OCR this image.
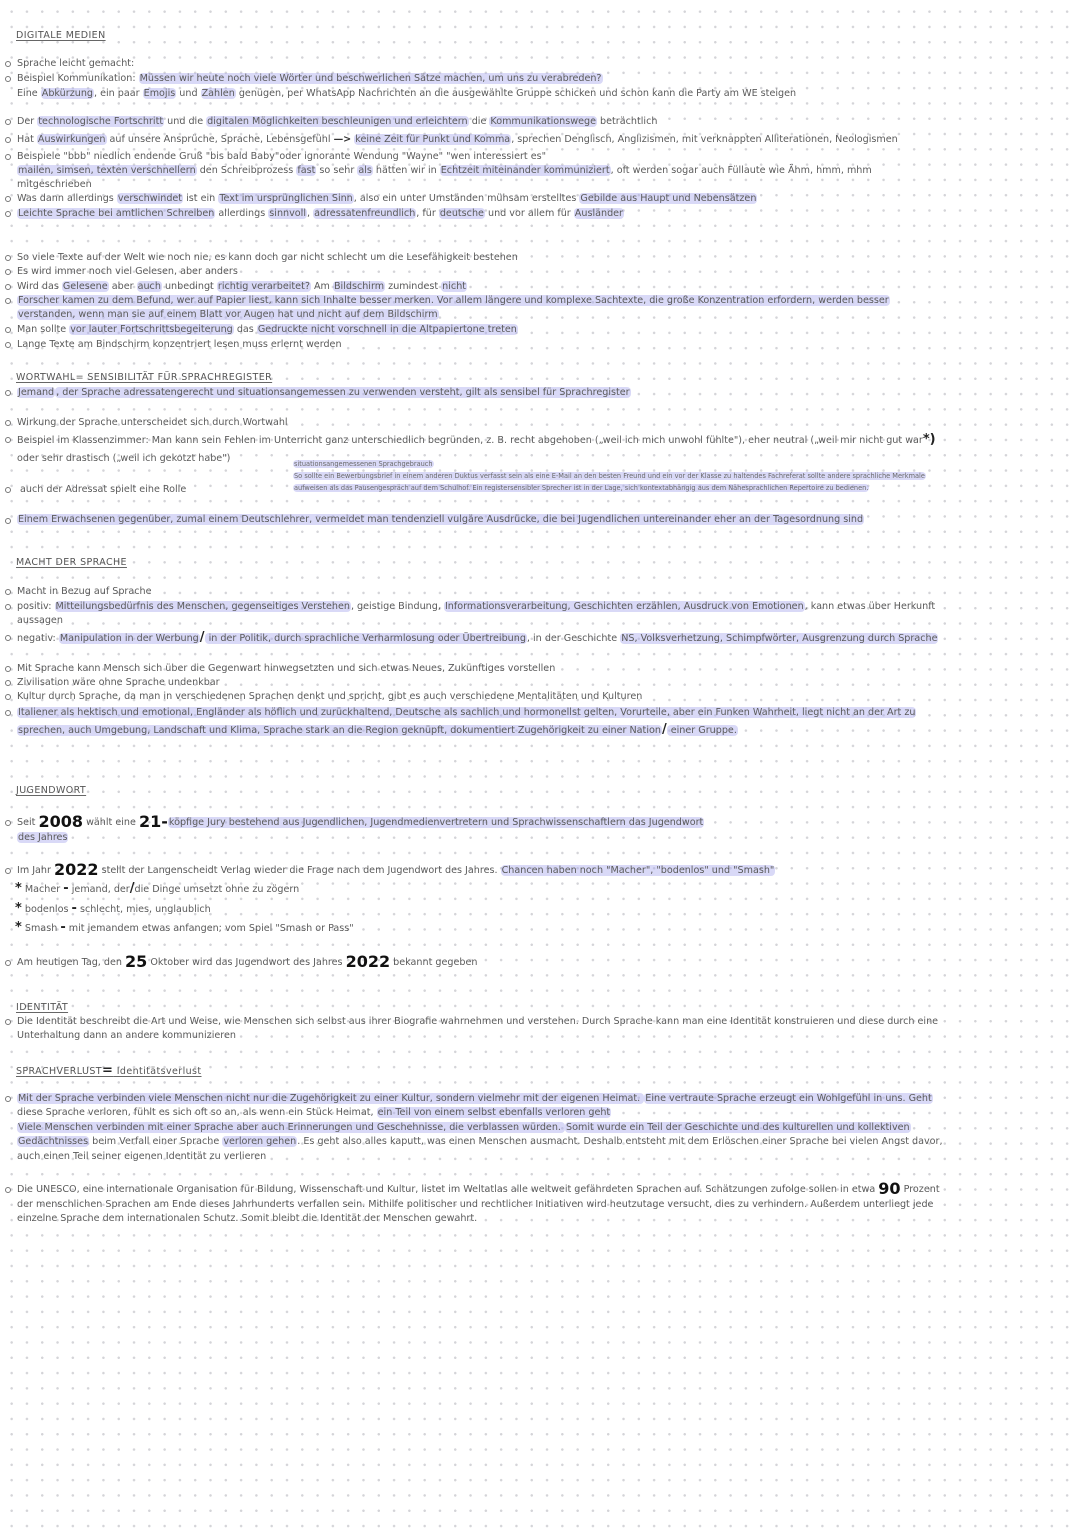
DIGITALE MEDIEN
Sprache leicht gemacht:
Beispiel Kommunikation: Müssen wir heute noch viele Wörter und beschwerlichen Sätze machen, um uns zu verabreden?
Eine Abkürzung, ein paar Emojis und Zahlen genügen, per WhatsApp Nachrichten an die ausgewählte Gruppe schicken und schon kann die Party am WE steigen
Der technologische Fortschritt und die digitalen Möglichkeiten beschleunigen und erleichtern die Kommunikationswege beträchtlich
Hat Auswirkungen auf unsere Ansprüche, Sprache, Lebensgefühl —> keine Zeit für Punkt und Komma, sprechen Denglisch, Anglizismen, mit verknappten Alliterationen, Neologismen
Beispiele "bbb" niedlich endende Gruß "bis bald Baby"oder ignorante Wendung "Wayne" "wen interessiert es"
mailen, simsen, texten verschnellern den Schreibprozess fast so sehr als hätten wir in Echtzeit miteinander kommuniziert, oft werden sogar auch Füllaute wie Ähm, hmm, mhm
mitgeschrieben
Was dann allerdings verschwindet ist ein Text im ursprünglichen Sinn, also ein unter Umständen mühsam erstelltes Gebilde aus Haupt und Nebensätzen
Leichte Sprache bei amtlichen Schreiben allerdings sinnvoll, adressatenfreundlich, für deutsche und vor allem für Ausländer
So viele Texte auf der Welt wie noch nie, es kann doch gar nicht schlecht um die Lesefähigkeit bestehen
Es wird immer noch viel Gelesen, aber anders
Wird das Gelesene aber auch unbedingt richtig verarbeitet? Am Bildschirm zumindest nicht
Forscher kamen zu dem Befund, wer auf Papier liest, kann sich Inhalte besser merken. Vor allem längere und komplexe Sachtexte, die große Konzentration erfordern, werden besser
verstanden, wenn man sie auf einem Blatt vor Augen hat und nicht auf dem Bildschirm
Man sollte vor lauter Fortschrittsbegeiterung das Gedruckte nicht vorschnell in die Altpapiertone treten
Lange Texte am Bindschirm konzentriert lesen muss erlernt werden
WORTWAHL= SENSIBILITÄT FÜR SPRACHREGISTER
Jemand , der Sprache adressatengerecht und situationsangemessen zu verwenden versteht, gilt als sensibel für Sprachregister
Wirkung der Sprache unterscheidet sich durch Wortwahl
Beispiel im Klassenzimmer: Man kann sein Fehlen im Unterricht ganz unterschiedlich begründen, z. B. recht abgehoben („weil ich mich unwohl fühlte"), eher neutral („weil mir nicht gut war*)
oder sehr drastisch („weil ich gekotzt habe")	situationsangemessenen Sprachgebrauch
So sollte ein Bewerbungsbrief in einem anderen Duktus verfasst sein als eine E-Mail an den besten Freund und ein vor der Klasse zu haltendes Fachreferat sollte andere sprachliche Merkmale
aufweisen als das Pausengespräch auf dem Schulhof. Ein registersensibler Sprecher ist in der Lage, sich kontextabhängig aus dem Nähesprachlichen Repertoire zu bedienen.
auch der Adressat spielt eine Rolle
Einem Erwachsenen gegenüber, zumal einem Deutschlehrer, vermeidet man tendenziell vulgäre Ausdrücke, die bei Jugendlichen untereinander eher an der Tagesordnung sind
MACHT DER SPRACHE
Macht in Bezug auf Sprache
positiv: Mitteilungsbedürfnis des Menschen, gegenseitiges Verstehen, geistige Bindung, Informationsverarbeitung, Geschichten erzählen, Ausdruck von Emotionen, kann etwas über Herkunft
aussagen
negativ: Manipulation in der Werbung/ in der Politik, durch sprachliche Verharmlosung oder Übertreibung, in der Geschichte NS, Volksverhetzung, Schimpfwörter, Ausgrenzung durch Sprache
Mit Sprache kann Mensch sich über die Gegenwart hinwegsetzten und sich etwas Neues, Zukünftiges vorstellen
Zivilisation wäre ohne Sprache undenkbar
Kultur durch Sprache, da man in verschiedenen Sprachen denkt und spricht, gibt es auch verschiedene Mentalitäten und Kulturen
Italiener als hektisch und emotional, Engländer als höflich und zurückhaltend, Deutsche als sachlich und hormonellst gelten, Vorurteile, aber ein Funken Wahrheit, liegt nicht an der Art zu
sprechen, auch Umgebung, Landschaft und Klima, Sprache stark an die Region geknüpft, dokumentiert Zugehörigkeit zu einer Nation/ einer Gruppe.
JUGENDWORT
Seit 2008 wählt eine 21-köpfige Jury bestehend aus Jugendlichen, Jugendmedienvertretern und Sprachwissenschaftlern das Jugendwort
des Jahres
Im Jahr 2022 stellt der Langenscheidt Verlag wieder die Frage nach dem Jugendwort des Jahres. Chancen haben noch "Macher", "bodenlos" und "Smash"
* Macher - jemand, der/die Dinge umsetzt ohne zu zögern
* bodenlos - schlecht, mies, unglaublich
* Smash - mit jemandem etwas anfangen; vom Spiel "Smash or Pass"
Am heutigen Tag, den 25 Oktober wird das Jugendwort des Jahres 2022 bekannt gegeben
IDENTITÄT
Die Identität beschreibt die Art und Weise, wie Menschen sich selbst aus ihrer Biografie wahrnehmen und verstehen. Durch Sprache kann man eine Identität konstruieren und diese durch eine
Unterhaltung dann an andere kommunizieren
SPRACHVERLUST= Identitätsverlust
Mit der Sprache verbinden viele Menschen nicht nur die Zugehörigkeit zu einer Kultur, sondern vielmehr mit der eigenen Heimat. Eine vertraute Sprache erzeugt ein Wohlgefühl in uns. Geht
diese Sprache verloren, fühlt es sich oft so an, als wenn ein Stück Heimat, ein Teil von einem selbst ebenfalls verloren geht
Viele Menschen verbinden mit einer Sprache aber auch Erinnerungen und Geschehnisse, die verblassen würden. Somit wurde ein Teil der Geschichte und des kulturellen und kollektiven
Gedächtnisses beim Verfall einer Sprache verloren gehen. Es geht also alles kaputt, was einen Menschen ausmacht. Deshalb entsteht mit dem Erlöschen einer Sprache bei vielen Angst davor,
auch einen Teil seiner eigenen Identität zu verlieren
Die UNESCO, eine internationale Organisation für Bildung, Wissenschaft und Kultur, listet im Weltatlas alle weltweit gefährdeten Sprachen auf. Schätzungen zufolge sollen in etwa 90 Prozent
der menschlichen Sprachen am Ende dieses Jahrhunderts verfallen sein. Mithilfe politischer und rechtlicher Initiativen wird heutzutage versucht, dies zu verhindern. Außerdem unterliegt jede
einzelne Sprache dem internationalen Schutz. Somit bleibt die Identität der Menschen gewahrt.
